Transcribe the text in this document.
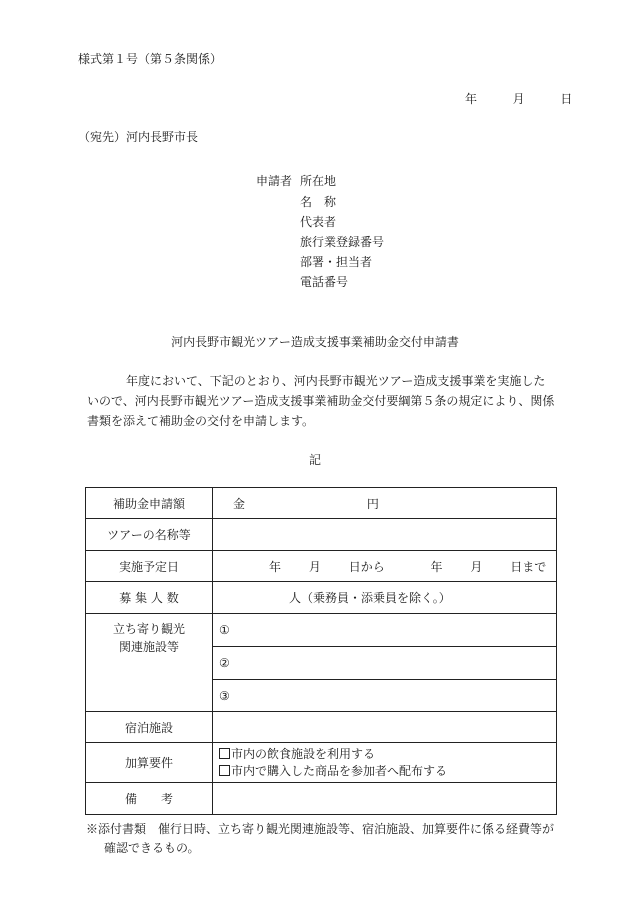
様式第１号（第５条関係）
年	月	日
（宛先）河内長野市長
申請者 所在地
名　称
代表者
旅行業登録番号
部署・担当者
電話番号
河内長野市観光ツアー造成支援事業補助金交付申請書

年度において、下記のとおり、河内長野市観光ツアー造成支援事業を実施した

いので、河内長野市観光ツアー造成支援事業補助金交付要綱第５条の規定により、関係

書類を添えて補助金の交付を申請します。

記
補助金申請額	金 円
ツアーの名称等	
実施予定日	年 月 日から 年 月 日まで
募 集 人 数	人（乗務員・添乗員を除く。）

立ち寄り観光
関連施設等	①
	②
	③
宿泊施設	
加算要件	市内の飲食施設を利用する
市内で購入した商品を参加者へ配布する

備　　考	
※添付書類　催行日時、立ち寄り観光関連施設等、宿泊施設、加算要件に係る経費等が
確認できるもの。
